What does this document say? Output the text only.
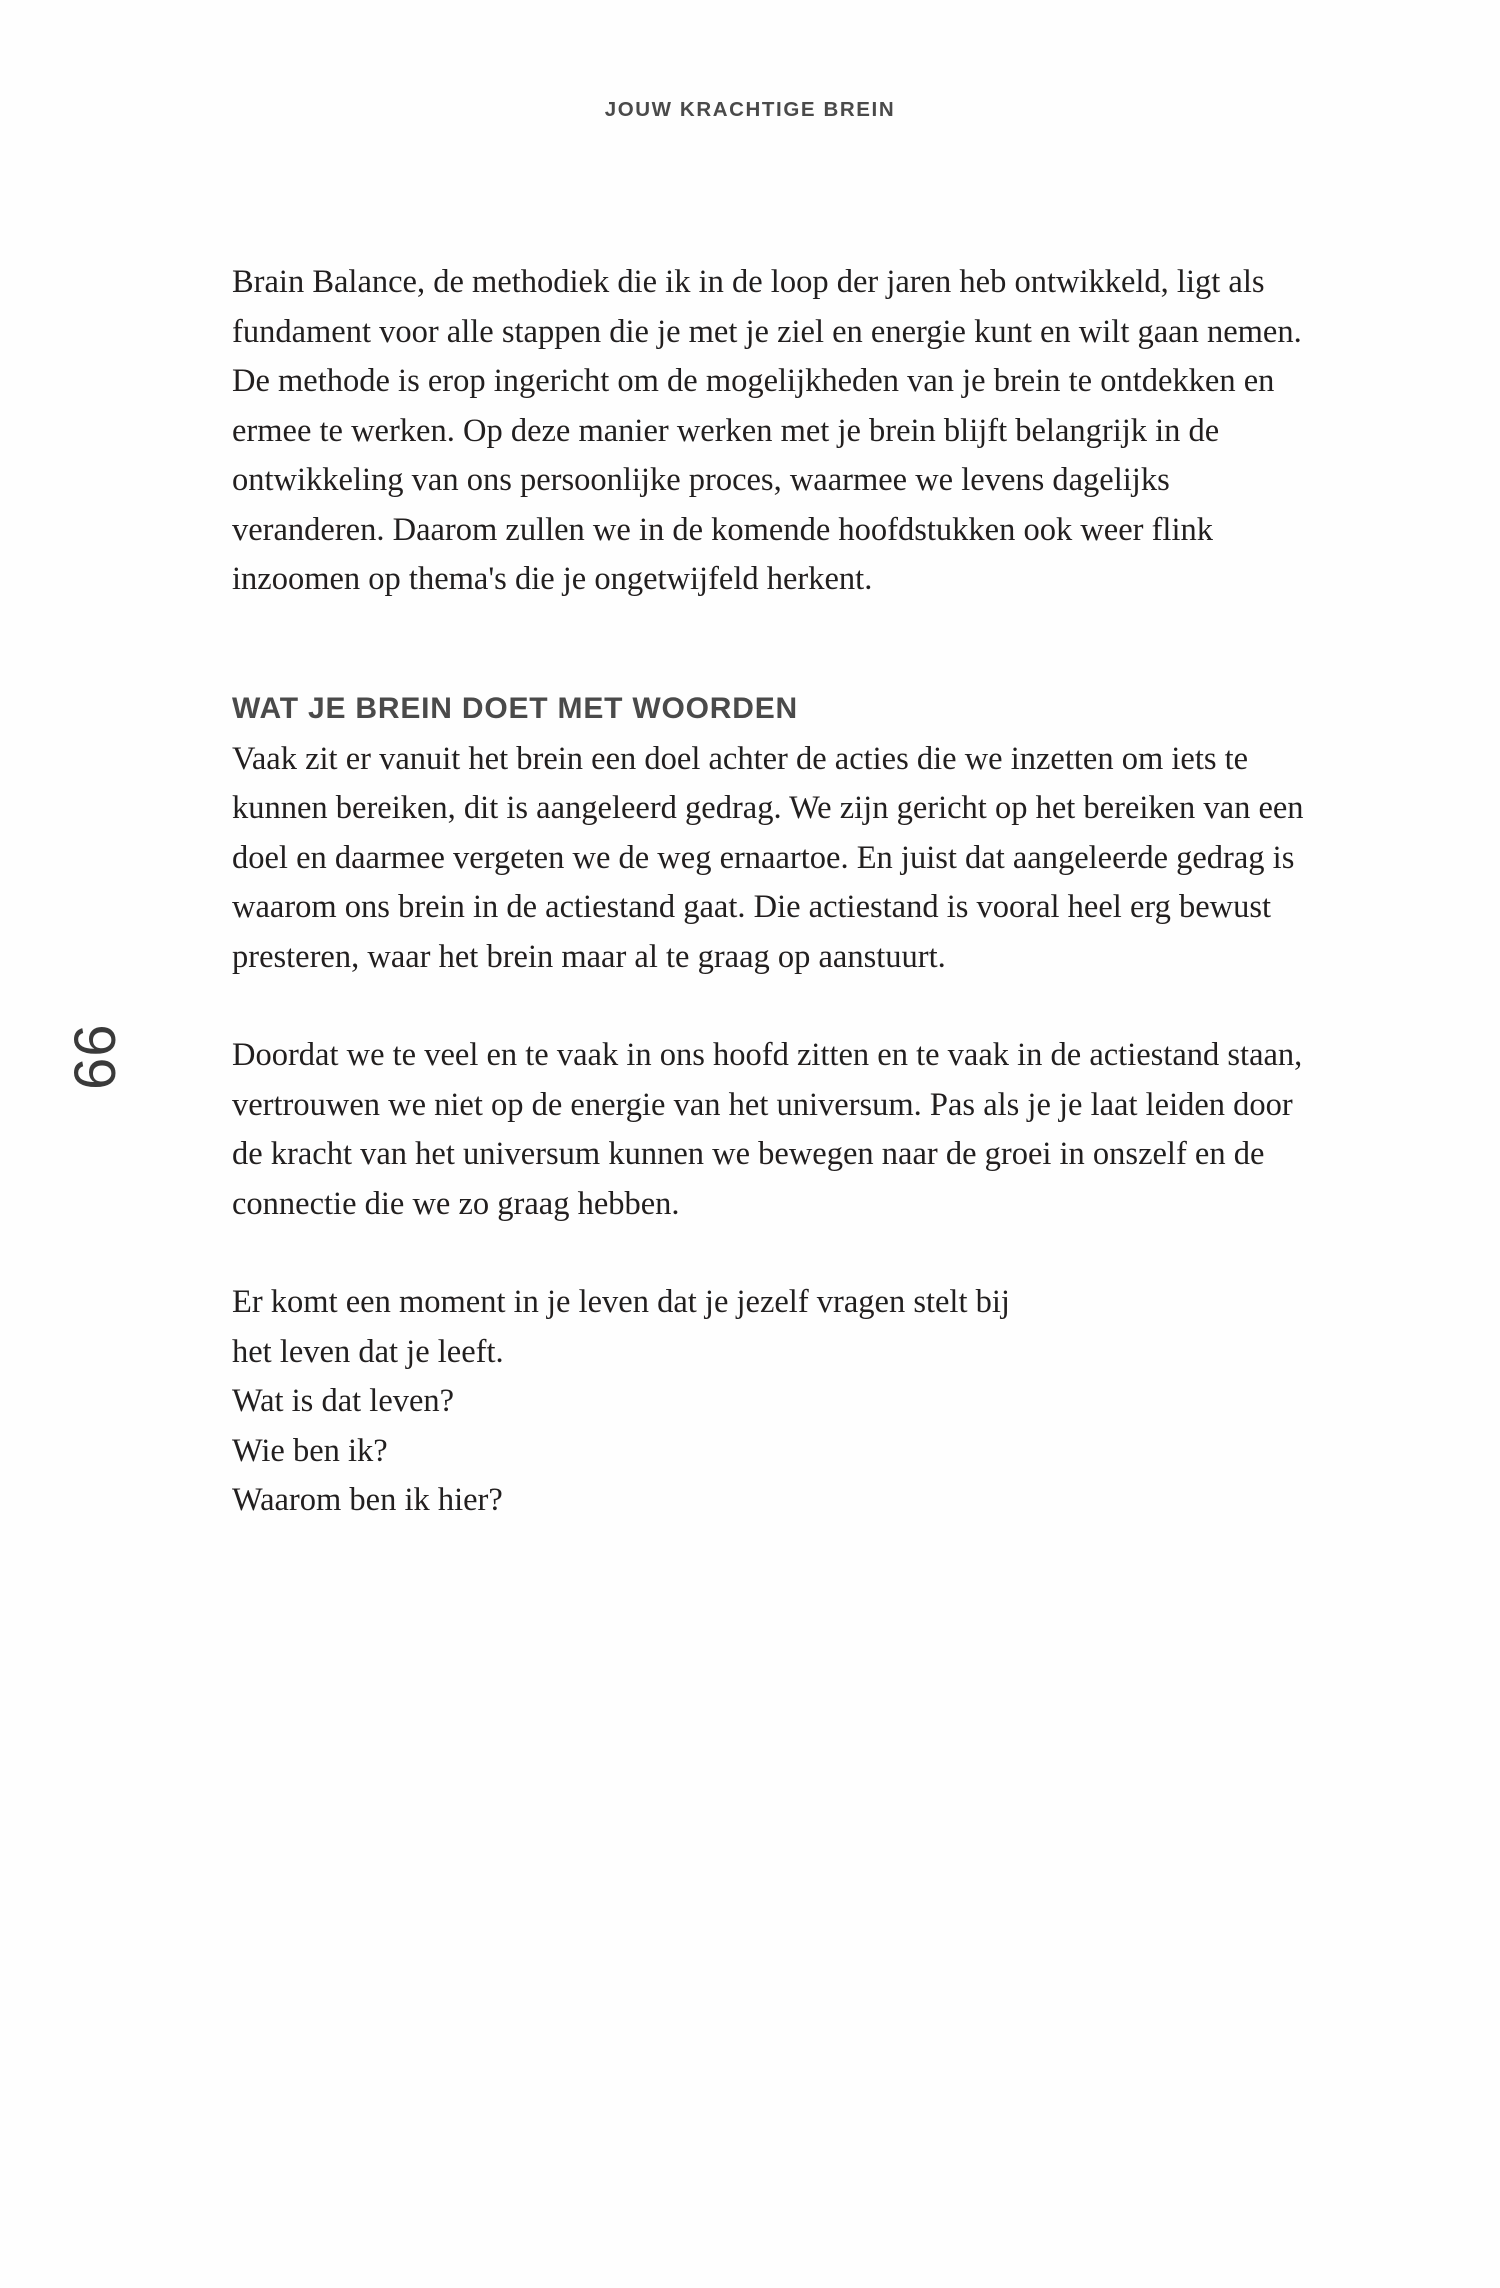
JOUW KRACHTIGE BREIN
66

Brain Balance, de methodiek die ik in de loop der jaren heb ontwikkeld, ligt als fundament voor alle stappen die je met je ziel en energie kunt en wilt gaan nemen. De methode is erop ingericht om de mogelijkheden van je brein te ontdekken en ermee te werken. Op deze manier werken met je brein blijft belangrijk in de ontwikkeling van ons persoonlijke proces, waarmee we levens dagelijks veranderen. Daarom zullen we in de komende hoofdstukken ook weer flink inzoomen op thema's die je ongetwijfeld herkent.

WAT JE BREIN DOET MET WOORDEN

Vaak zit er vanuit het brein een doel achter de acties die we inzetten om iets te kunnen bereiken, dit is aangeleerd gedrag. We zijn gericht op het bereiken van een doel en daarmee vergeten we de weg ernaartoe. En juist dat aangeleerde gedrag is waarom ons brein in de actiestand gaat. Die actiestand is vooral heel erg bewust presteren, waar het brein maar al te graag op aanstuurt.

Doordat we te veel en te vaak in ons hoofd zitten en te vaak in de actiestand staan, vertrouwen we niet op de energie van het universum. Pas als je je laat leiden door de kracht van het universum kunnen we bewegen naar de groei in onszelf en de connectie die we zo graag hebben.

Er komt een moment in je leven dat je jezelf vragen stelt bij

het leven dat je leeft.

Wat is dat leven?

Wie ben ik?

Waarom ben ik hier?
